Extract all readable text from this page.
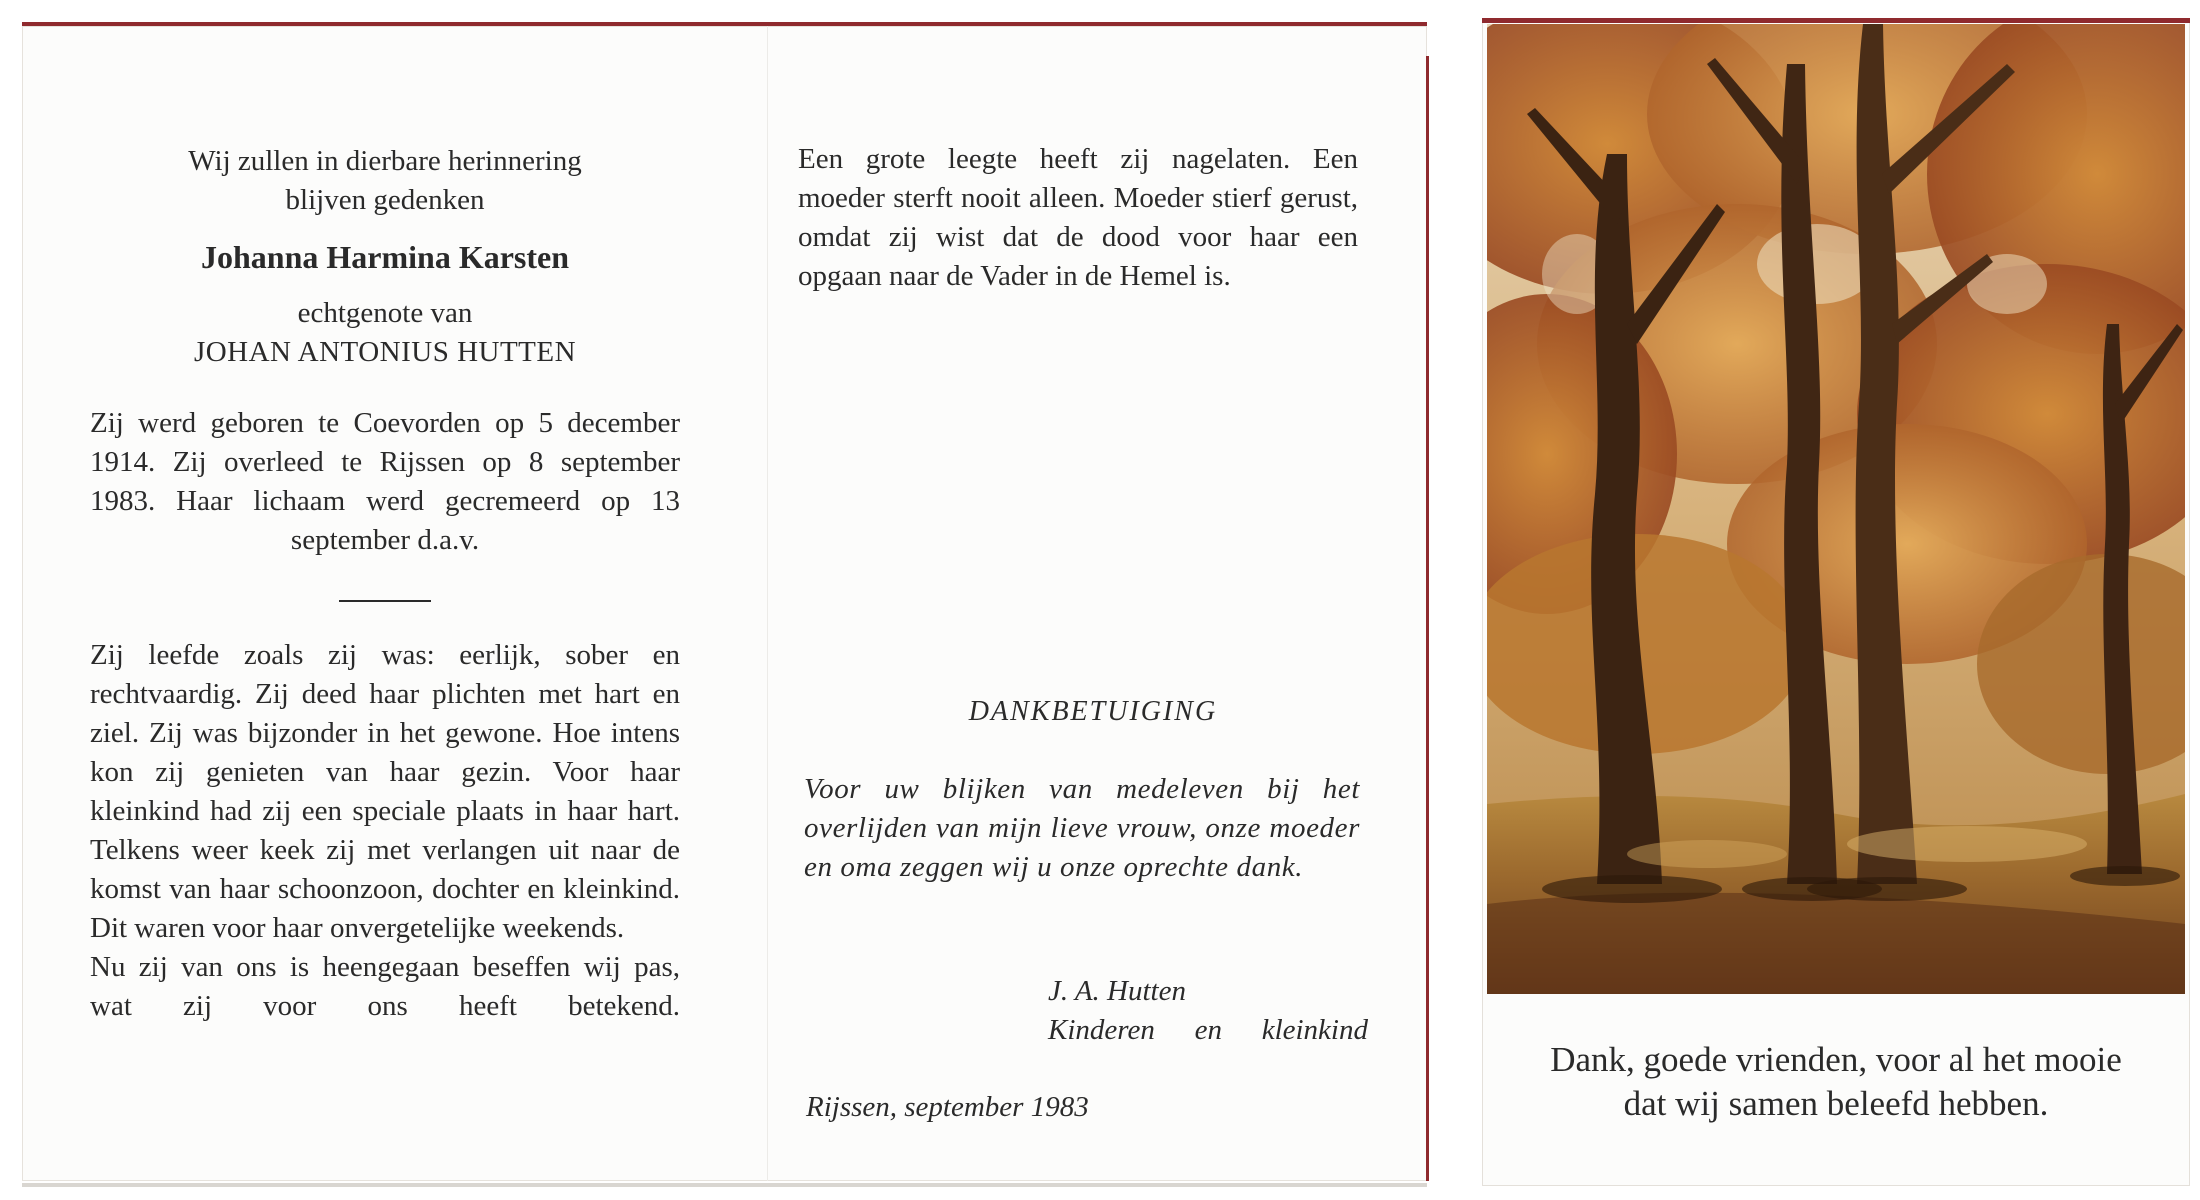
Wij zullen in dierbare herinnering
blijven gedenken
Johanna Harmina Karsten
echtgenote van
JOHAN ANTONIUS HUTTEN
Zij werd geboren te Coevorden op 5 december 1914. Zij overleed te Rijssen op 8 september 1983. Haar lichaam werd gecremeerd op 13 september d.a.v.

Zij leefde zoals zij was: eerlijk, sober en rechtvaardig. Zij deed haar plichten met hart en ziel. Zij was bijzonder in het gewone. Hoe intens kon zij genieten van haar gezin. Voor haar kleinkind had zij een speciale plaats in haar hart. Telkens weer keek zij met verlangen uit naar de komst van haar schoonzoon, dochter en kleinkind. Dit waren voor haar onvergetelijke weekends.

Nu zij van ons is heengegaan beseffen wij pas, wat zij voor ons heeft betekend.

Een grote leegte heeft zij nagelaten. Een moeder sterft nooit alleen. Moeder stierf gerust, omdat zij wist dat de dood voor haar een opgaan naar de Vader in de Hemel is.
DANKBETUIGING
Voor uw blijken van medeleven bij het overlijden van mijn lieve vrouw, onze moeder en oma zeggen wij u onze oprechte dank.
J. A. Hutten
Kinderen en kleinkind
Rijssen, september 1983
Dank, goede vrienden, voor al het mooie
dat wij samen beleefd hebben.
